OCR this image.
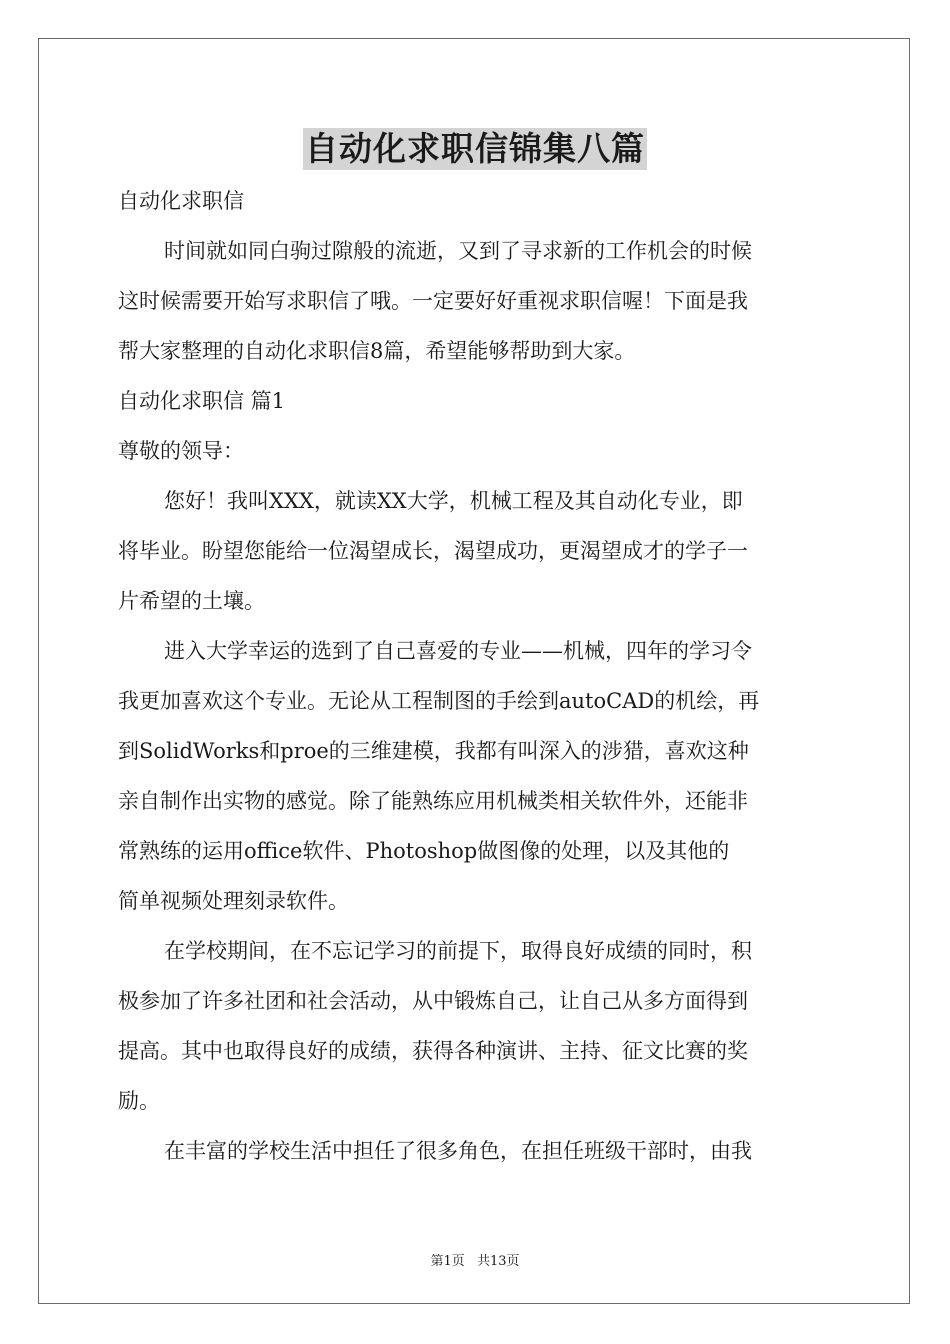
自动化求职信锦集八篇
自动化求职信
时间就如同白驹过隙般的流逝，又到了寻求新的工作机会的时候
这时候需要开始写求职信了哦。一定要好好重视求职信喔！下面是我
帮大家整理的自动化求职信8篇，希望能够帮助到大家。
自动化求职信 篇1
尊敬的领导：
您好！我叫XXX，就读XX大学，机械工程及其自动化专业，即
将毕业。盼望您能给一位渴望成长，渴望成功，更渴望成才的学子一
片希望的土壤。
进入大学幸运的选到了自己喜爱的专业——机械，四年的学习令
我更加喜欢这个专业。无论从工程制图的手绘到autoCAD的机绘，再
到SolidWorks和proe的三维建模，我都有叫深入的涉猎，喜欢这种
亲自制作出实物的感觉。除了能熟练应用机械类相关软件外，还能非
常熟练的运用office软件、Photoshop做图像的处理，以及其他的
简单视频处理刻录软件。
在学校期间，在不忘记学习的前提下，取得良好成绩的同时，积
极参加了许多社团和社会活动，从中锻炼自己，让自己从多方面得到
提高。其中也取得良好的成绩，获得各种演讲、主持、征文比赛的奖
励。
在丰富的学校生活中担任了很多角色，在担任班级干部时，由我
第1页 共13页
